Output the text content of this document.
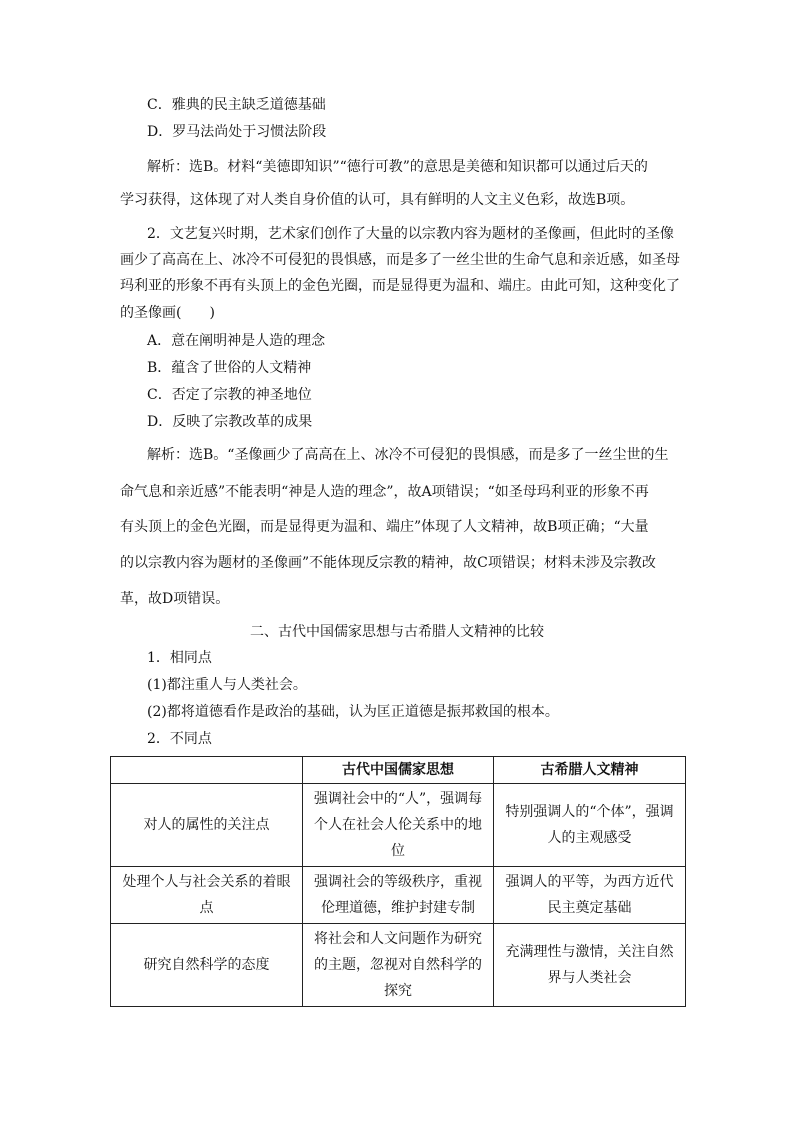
C．雅典的民主缺乏道德基础
D．罗马法尚处于习惯法阶段
解析：选B。材料“美德即知识”“德行可教”的意思是美德和知识都可以通过后天的
学习获得，这体现了对人类自身价值的认可，具有鲜明的人文主义色彩，故选B项。
2．文艺复兴时期，艺术家们创作了大量的以宗教内容为题材的圣像画，但此时的圣像
画少了高高在上、冰冷不可侵犯的畏惧感，而是多了一丝尘世的生命气息和亲近感，如圣母
玛利亚的形象不再有头顶上的金色光圈，而是显得更为温和、端庄。由此可知，这种变化了
的圣像画(　　)
A．意在阐明神是人造的理念
B．蕴含了世俗的人文精神
C．否定了宗教的神圣地位
D．反映了宗教改革的成果
解析：选B。“圣像画少了高高在上、冰冷不可侵犯的畏惧感，而是多了一丝尘世的生
命气息和亲近感”不能表明“神是人造的理念”，故A项错误；“如圣母玛利亚的形象不再
有头顶上的金色光圈，而是显得更为温和、端庄”体现了人文精神，故B项正确；“大量
的以宗教内容为题材的圣像画”不能体现反宗教的精神，故C项错误；材料未涉及宗教改
革，故D项错误。
二、古代中国儒家思想与古希腊人文精神的比较
1．相同点
(1)都注重人与人类社会。
(2)都将道德看作是政治的基础，认为匡正道德是振邦救国的根本。
2．不同点
	古代中国儒家思想	古希腊人文精神
对人的属性的关注点	强调社会中的“人”，强调每个人在社会人伦关系中的地位	特别强调人的“个体”，强调人的主观感受
处理个人与社会关系的着眼点	强调社会的等级秩序，重视伦理道德，维护封建专制	强调人的平等，为西方近代民主奠定基础
研究自然科学的态度	将社会和人文问题作为研究的主题，忽视对自然科学的探究	充满理性与激情，关注自然界与人类社会
